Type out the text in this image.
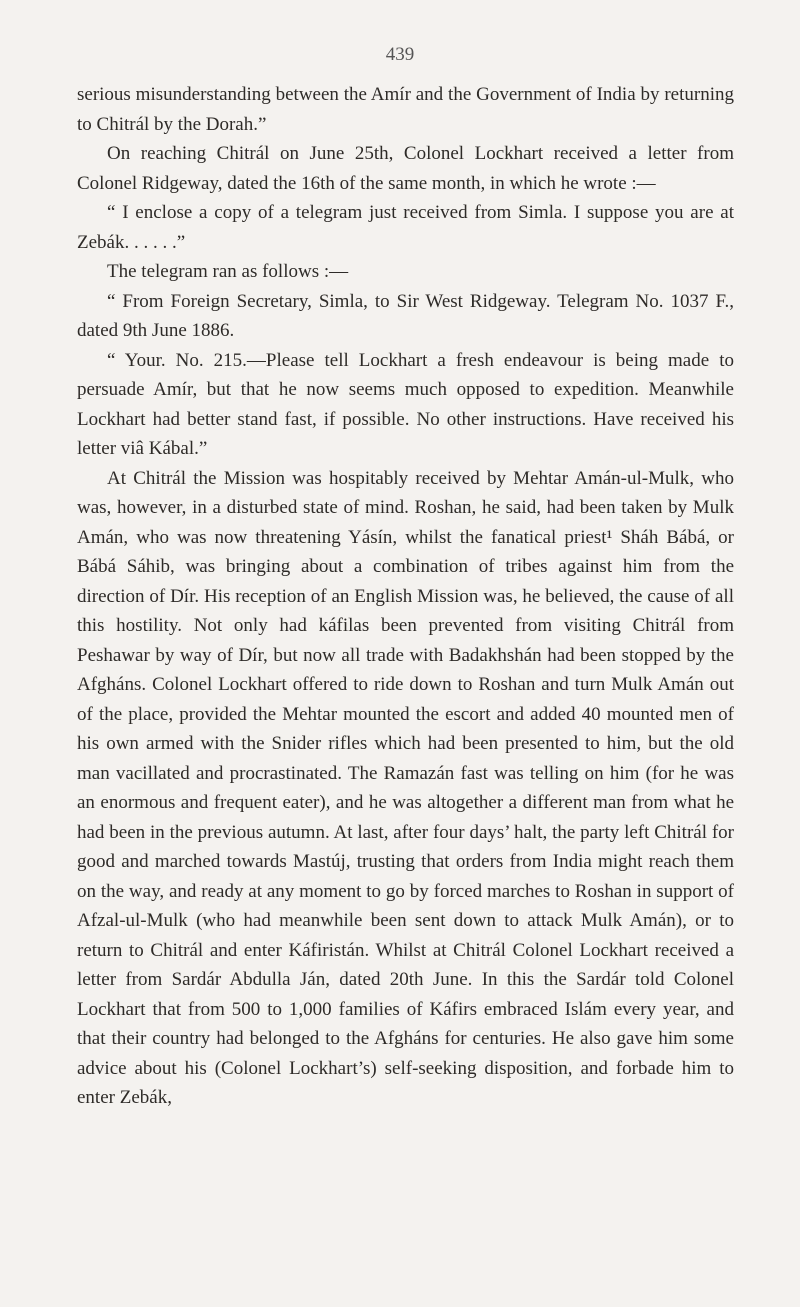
439

serious misunderstanding between the Amír and the Government of India by returning to Chitrál by the Dorah.”

On reaching Chitrál on June 25th, Colonel Lockhart received a letter from Colonel Ridgeway, dated the 16th of the same month, in which he wrote :—

“ I enclose a copy of a telegram just received from Simla. I suppose you are at Zebák. . . . . .”

The telegram ran as follows :—

“ From Foreign Secretary, Simla, to Sir West Ridgeway. Telegram No. 1037 F., dated 9th June 1886.

“ Your. No. 215.—Please tell Lockhart a fresh endeavour is being made to persuade Amír, but that he now seems much opposed to expedition. Meanwhile Lockhart had better stand fast, if possible. No other instructions. Have received his letter viâ Kábal.”

At Chitrál the Mission was hospitably received by Mehtar Amán-ul-Mulk, who was, however, in a disturbed state of mind. Roshan, he said, had been taken by Mulk Amán, who was now threatening Yásín, whilst the fanatical priest¹ Sháh Bábá, or Bábá Sáhib, was bringing about a combination of tribes against him from the direction of Dír. His reception of an English Mission was, he believed, the cause of all this hostility. Not only had káfilas been prevented from visiting Chitrál from Peshawar by way of Dír, but now all trade with Badakhshán had been stopped by the Afgháns. Colonel Lockhart offered to ride down to Roshan and turn Mulk Amán out of the place, provided the Mehtar mounted the escort and added 40 mounted men of his own armed with the Snider rifles which had been presented to him, but the old man vacillated and procrastinated. The Ramazán fast was telling on him (for he was an enormous and frequent eater), and he was altogether a different man from what he had been in the previous autumn. At last, after four days’ halt, the party left Chitrál for good and marched towards Mastúj, trusting that orders from India might reach them on the way, and ready at any moment to go by forced marches to Roshan in support of Afzal-ul-Mulk (who had meanwhile been sent down to attack Mulk Amán), or to return to Chitrál and enter Káfiristán. Whilst at Chitrál Colonel Lockhart received a letter from Sardár Abdulla Ján, dated 20th June. In this the Sardár told Colonel Lockhart that from 500 to 1,000 families of Káfirs embraced Islám every year, and that their country had belonged to the Afgháns for centuries. He also gave him some advice about his (Colonel Lockhart’s) self-seeking disposition, and forbade him to enter Zebák,
